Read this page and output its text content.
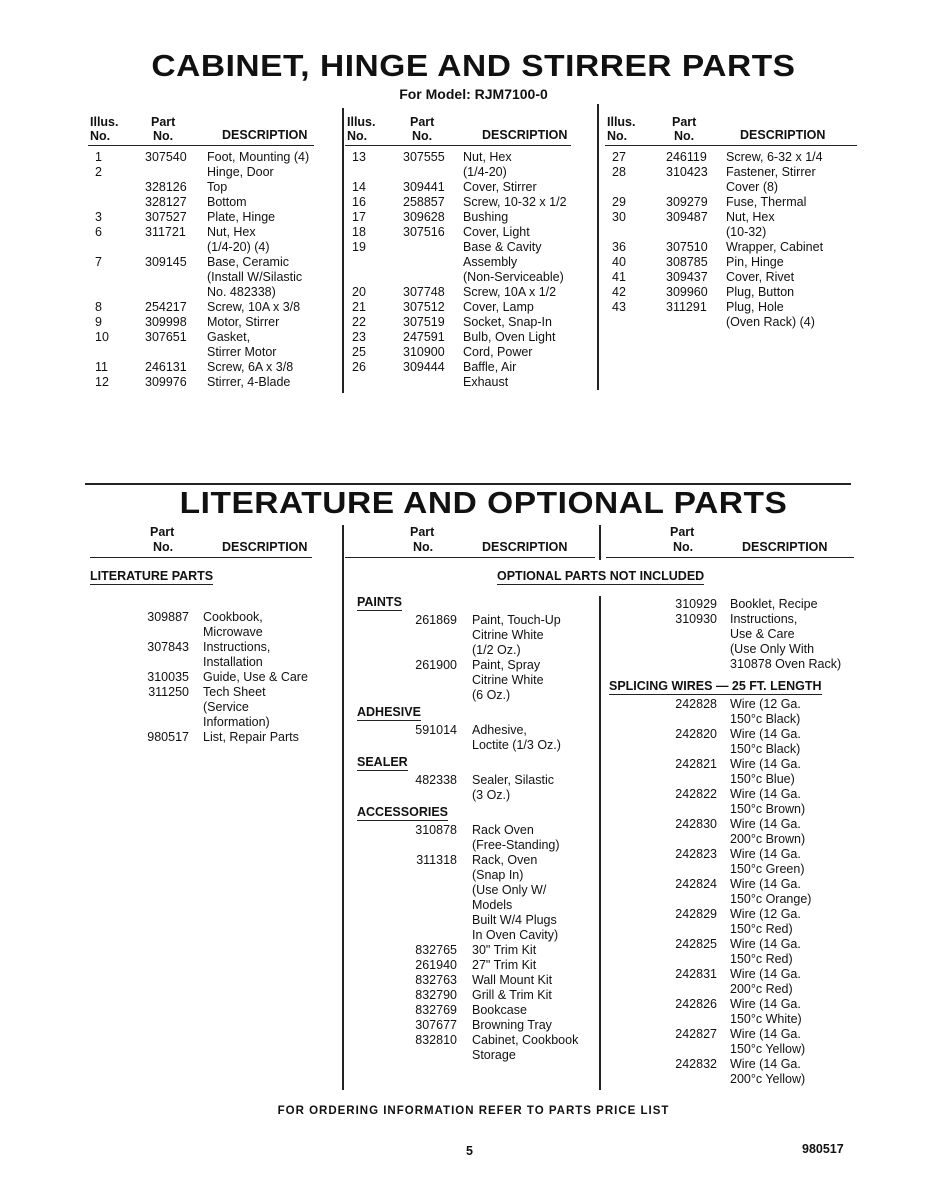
CABINET, HINGE AND STIRRER PARTS
For Model: RJM7100-0
Illus.
No.
Part
No.	DESCRIPTION
Illus.
No.
Part
No.	DESCRIPTION
Illus.
No.
Part
No.	DESCRIPTION
1	307540 Foot, Mounting (4)
2	Hinge, Door
328126 Top
328127 Bottom
3	307527 Plate, Hinge
6	311721 Nut, Hex
(1/4-20) (4)
7	309145 Base, Ceramic
(Install W/Silastic
No. 482338)
8	254217 Screw, 10A x 3/8
9	309998 Motor, Stirrer
10	307651 Gasket,
Stirrer Motor
11	246131 Screw, 6A x 3/8
12	309976 Stirrer, 4-Blade
13	307555 Nut, Hex
(1/4-20)
14	309441 Cover, Stirrer
16	258857 Screw, 10-32 x 1/2
17	309628 Bushing
18	307516 Cover, Light
19	Base & Cavity
Assembly
(Non-Serviceable)
20	307748 Screw, 10A x 1/2
21	307512 Cover, Lamp
22	307519 Socket, Snap-In
23	247591 Bulb, Oven Light
25	310900 Cord, Power
26	309444 Baffle, Air
Exhaust
27	246119 Screw, 6-32 x 1/4
28	310423 Fastener, Stirrer
Cover (8)
29	309279 Fuse, Thermal
30	309487 Nut, Hex
(10-32)
36	307510 Wrapper, Cabinet
40	308785 Pin, Hinge
41	309437 Cover, Rivet
42	309960 Plug, Button
43	311291 Plug, Hole
(Oven Rack) (4)
LITERATURE AND OPTIONAL PARTS
Part
No.	DESCRIPTION
Part
No.	DESCRIPTION
Part
No.	DESCRIPTION
OPTIONAL PARTS NOT INCLUDED
LITERATURE PARTS
309887 Cookbook,
Microwave
307843 Instructions,
Installation
310035 Guide, Use & Care
311250 Tech Sheet
(Service
Information)
980517 List, Repair Parts
PAINTS
261869 Paint, Touch-Up
Citrine White
(1/2 Oz.)
261900 Paint, Spray
Citrine White
(6 Oz.)
ADHESIVE
591014 Adhesive,
Loctite (1/3 Oz.)
SEALER
482338 Sealer, Silastic
(3 Oz.)
ACCESSORIES
310878 Rack Oven
(Free-Standing)
311318 Rack, Oven
(Snap In)
(Use Only W/
Models
Built W/4 Plugs
In Oven Cavity)
832765 30" Trim Kit
261940 27" Trim Kit
832763 Wall Mount Kit
832790 Grill & Trim Kit
832769 Bookcase
307677 Browning Tray
832810 Cabinet, Cookbook
Storage
310929 Booklet, Recipe
310930 Instructions,
Use & Care
(Use Only With
310878 Oven Rack)
SPLICING WIRES — 25 FT. LENGTH
242828 Wire (12 Ga.
150°c Black)
242820 Wire (14 Ga.
150°c Black)
242821 Wire (14 Ga.
150°c Blue)
242822 Wire (14 Ga.
150°c Brown)
242830 Wire (14 Ga.
200°c Brown)
242823 Wire (14 Ga.
150°c Green)
242824 Wire (14 Ga.
150°c Orange)
242829 Wire (12 Ga.
150°c Red)
242825 Wire (14 Ga.
150°c Red)
242831 Wire (14 Ga.
200°c Red)
242826 Wire (14 Ga.
150°c White)
242827 Wire (14 Ga.
150°c Yellow)
242832 Wire (14 Ga.
200°c Yellow)
FOR ORDERING INFORMATION REFER TO PARTS PRICE LIST
5	980517
